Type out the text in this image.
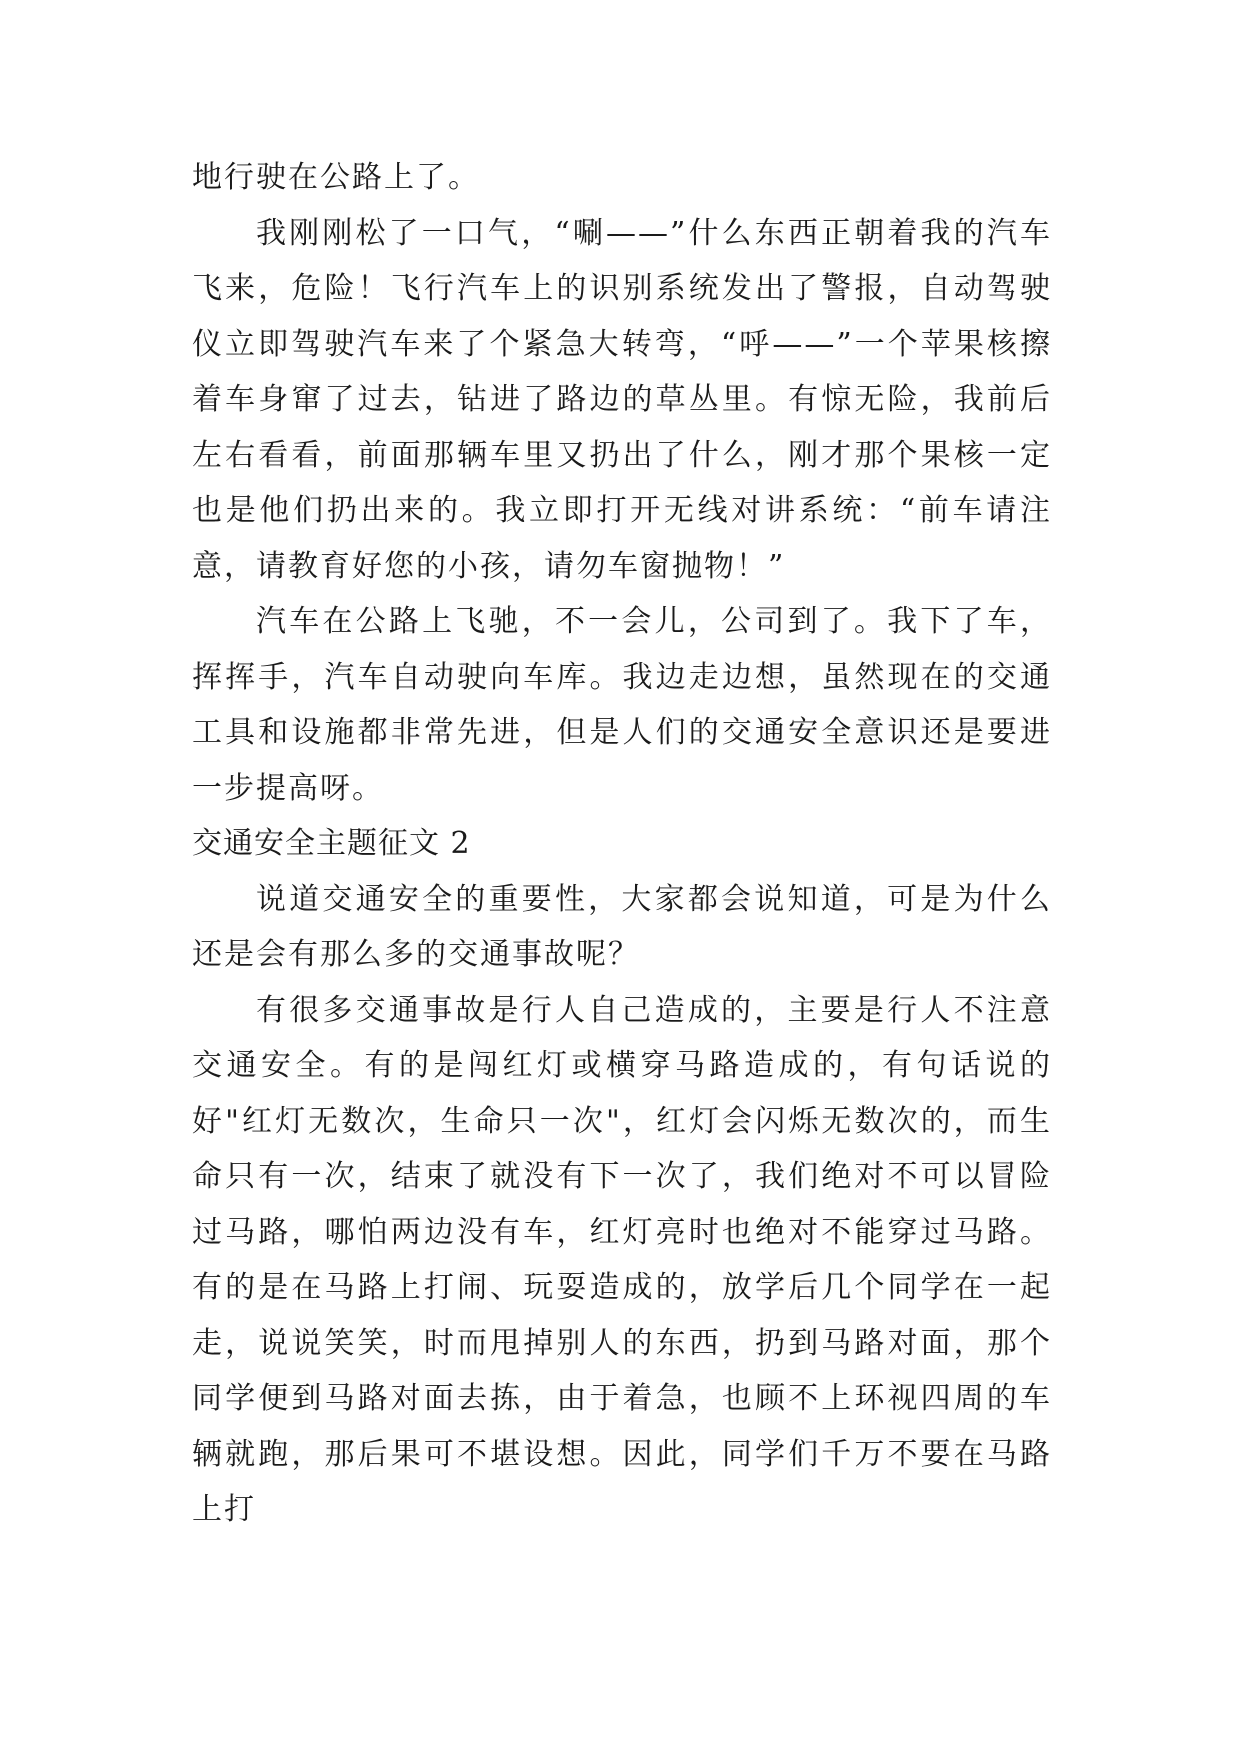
地行驶在公路上了。

我刚刚松了一口气，“唰——”什么东西正朝着我的汽车飞来，危险！飞行汽车上的识别系统发出了警报，自动驾驶仪立即驾驶汽车来了个紧急大转弯，“呼——”一个苹果核擦着车身窜了过去，钻进了路边的草丛里。有惊无险，我前后左右看看，前面那辆车里又扔出了什么，刚才那个果核一定也是他们扔出来的。我立即打开无线对讲系统：“前车请注意，请教育好您的小孩，请勿车窗抛物！”

汽车在公路上飞驰，不一会儿，公司到了。我下了车，挥挥手，汽车自动驶向车库。我边走边想，虽然现在的交通工具和设施都非常先进，但是人们的交通安全意识还是要进一步提高呀。

交通安全主题征文 2

说道交通安全的重要性，大家都会说知道，可是为什么还是会有那么多的交通事故呢？

有很多交通事故是行人自己造成的，主要是行人不注意交通安全。有的是闯红灯或横穿马路造成的，有句话说的好"红灯无数次，生命只一次"，红灯会闪烁无数次的，而生命只有一次，结束了就没有下一次了，我们绝对不可以冒险过马路，哪怕两边没有车，红灯亮时也绝对不能穿过马路。有的是在马路上打闹、玩耍造成的，放学后几个同学在一起走，说说笑笑，时而甩掉别人的东西，扔到马路对面，那个同学便到马路对面去拣，由于着急，也顾不上环视四周的车辆就跑，那后果可不堪设想。因此，同学们千万不要在马路上打
